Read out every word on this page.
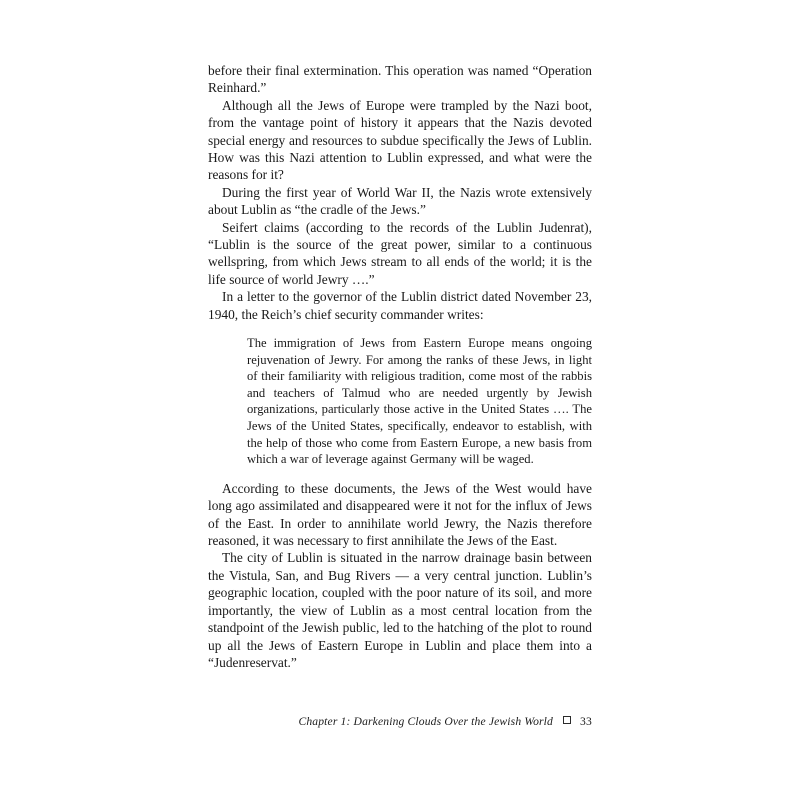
before their final extermination. This operation was named “Operation Reinhard.”

Although all the Jews of Europe were trampled by the Nazi boot, from the vantage point of history it appears that the Nazis devoted special energy and resources to subdue specifically the Jews of Lublin. How was this Nazi attention to Lublin expressed, and what were the reasons for it?

During the first year of World War II, the Nazis wrote extensively about Lublin as “the cradle of the Jews.”

Seifert claims (according to the records of the Lublin Judenrat), “Lublin is the source of the great power, similar to a continuous wellspring, from which Jews stream to all ends of the world; it is the life source of world Jewry ….”

In a letter to the governor of the Lublin district dated November 23, 1940, the Reich’s chief security commander writes:

The immigration of Jews from Eastern Europe means ongoing rejuvenation of Jewry. For among the ranks of these Jews, in light of their familiarity with religious tradition, come most of the rabbis and teachers of Talmud who are needed urgently by Jewish organizations, particularly those active in the United States …. The Jews of the United States, specifically, endeavor to establish, with the help of those who come from Eastern Europe, a new basis from which a war of leverage against Germany will be waged.

According to these documents, the Jews of the West would have long ago assimilated and disappeared were it not for the influx of Jews of the East. In order to annihilate world Jewry, the Nazis therefore reasoned, it was necessary to first annihilate the Jews of the East.

The city of Lublin is situated in the narrow drainage basin between the Vistula, San, and Bug Rivers — a very central junction. Lublin’s geographic location, coupled with the poor nature of its soil, and more importantly, the view of Lublin as a most central location from the standpoint of the Jewish public, led to the hatching of the plot to round up all the Jews of Eastern Europe in Lublin and place them into a “Judenreservat.”

Chapter 1: Darkening Clouds Over the Jewish World 33
